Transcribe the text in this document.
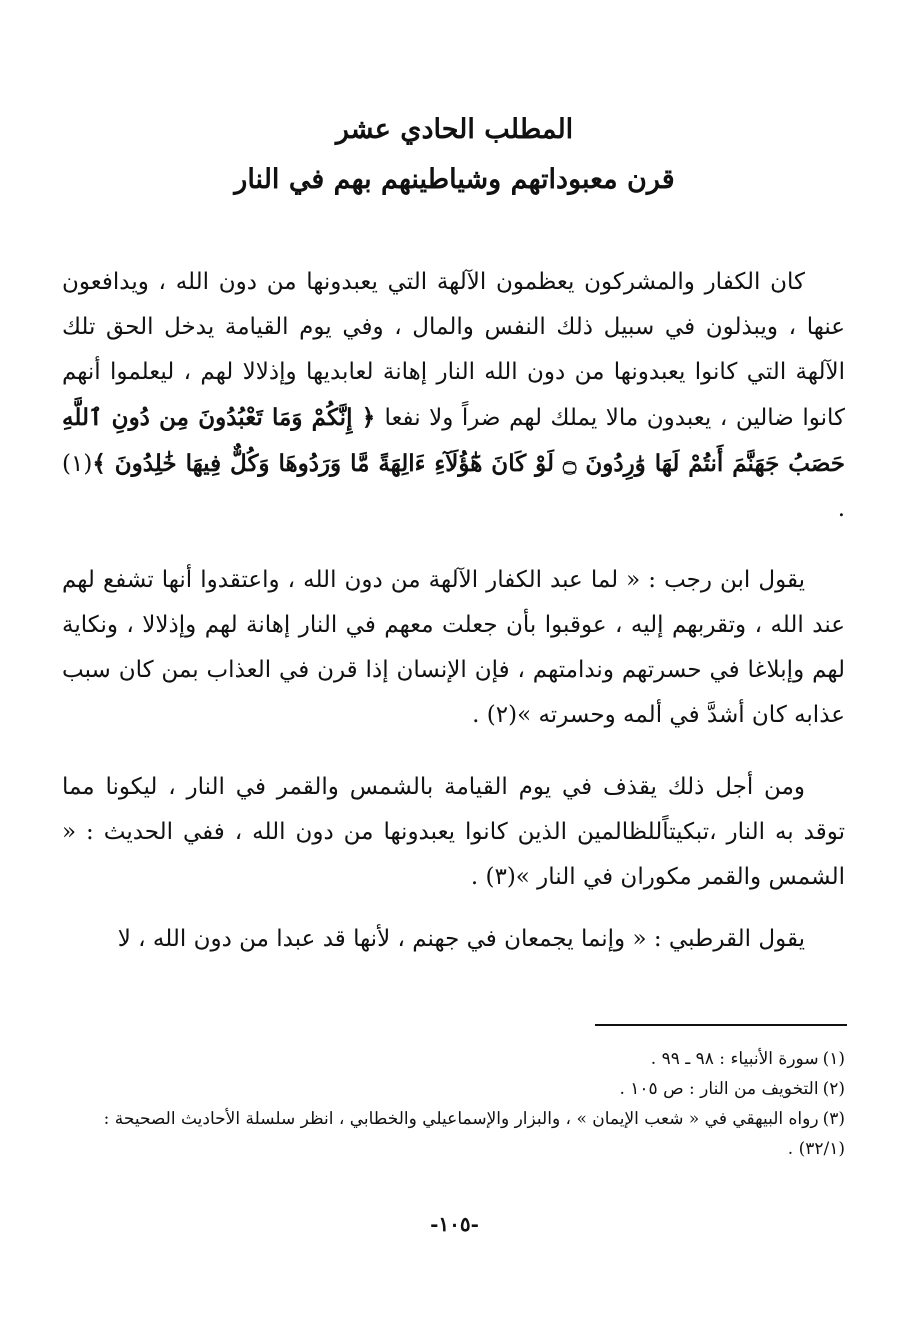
المطلب الحادي عشر
قرن معبوداتهم وشياطينهم بهم في النار

كان الكفار والمشركون يعظمون الآلهة التي يعبدونها من دون الله ، ويدافعون عنها ، ويبذلون في سبيل ذلك النفس والمال ، وفي يوم القيامة يدخل الحق تلك الآلهة التي كانوا يعبدونها من دون الله النار إهانة لعابديها وإذلالا لهم ، ليعلموا أنهم كانوا ضالين ، يعبدون مالا يملك لهم ضراً ولا نفعا ﴿ إِنَّكُمْ وَمَا تَعْبُدُونَ مِن دُونِ ٱللَّهِ حَصَبُ جَهَنَّمَ أَنتُمْ لَهَا وَٰرِدُونَ ۝ لَوْ كَانَ هَٰٓؤُلَآءِ ءَالِهَةً مَّا وَرَدُوهَا وَكُلٌّ فِيهَا خَٰلِدُونَ ﴾(١) .

يقول ابن رجب : « لما عبد الكفار الآلهة من دون الله ، واعتقدوا أنها تشفع لهم عند الله ، وتقربهم إليه ، عوقبوا بأن جعلت معهم في النار إهانة لهم وإذلالا ، ونكاية لهم وإبلاغا في حسرتهم وندامتهم ، فإن الإنسان إذا قرن في العذاب بمن كان سبب عذابه كان أشدَّ في ألمه وحسرته »(٢) .

ومن أجل ذلك يقذف في يوم القيامة بالشمس والقمر في النار ، ليكونا مما توقد به النار ،تبكيتاًللظالمين الذين كانوا يعبدونها من دون الله ، ففي الحديث : « الشمس والقمر مكوران في النار »(٣) .

يقول القرطبي : « وإنما يجمعان في جهنم ، لأنها قد عبدا من دون الله ، لا

(١)سورة الأنبياء : ٩٨ ـ ٩٩ .

(٢)التخويف من النار : ص ١٠٥ .

(٣)رواه البيهقي في « شعب الإيمان » ، والبزار والإسماعيلي والخطابي ، انظر سلسلة الأحاديث الصحيحة : (٣٢/١) .

-١٠٥-
